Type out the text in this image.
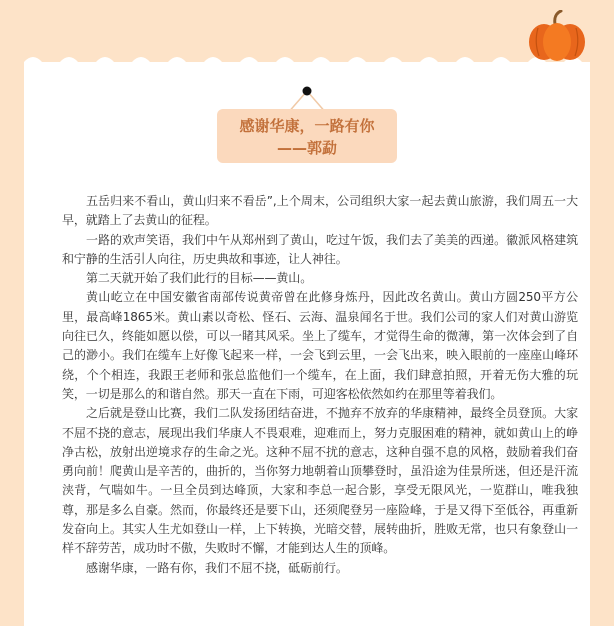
感谢华康，一路有你
——郭勐

五岳归来不看山，黄山归来不看岳”,上个周末，公司组织大家一起去黄山旅游，我们周五一大早，就踏上了去黄山的征程。

一路的欢声笑语，我们中午从郑州到了黄山，吃过午饭，我们去了美美的西递。徽派风格建筑和宁静的生活引人向往，历史典故和事迹，让人神往。

第二天就开始了我们此行的目标——黄山。

黄山屹立在中国安徽省南部传说黄帝曾在此修身炼丹，因此改名黄山。黄山方圆250平方公里，最高峰1865米。黄山素以奇松、怪石、云海、温泉闻名于世。我们公司的家人们对黄山游览向往已久，终能如愿以偿，可以一睹其风采。坐上了缆车，才觉得生命的微薄，第一次体会到了自己的渺小。我们在缆车上好像飞起来一样，一会飞到云里，一会飞出来，映入眼前的一座座山峰环绕，个个相连，我跟王老师和张总监他们一个缆车，在上面，我们肆意拍照，开着无伤大雅的玩笑，一切是那么的和谐自然。那天一直在下雨，可迎客松依然如约在那里等着我们。

之后就是登山比赛，我们二队发扬团结奋进，不抛弃不放弃的华康精神，最终全员登顶。大家不屈不挠的意志，展现出我们华康人不畏艰难，迎难而上，努力克服困难的精神，就如黄山上的峥净古松，放射出逆境求存的生命之光。这种不屈不扰的意志，这种自强不息的风格，鼓励着我们奋勇向前！爬黄山是辛苦的，曲折的，当你努力地朝着山顶攀登时，虽沿途为佳景所迷，但还是汗流浃背，气喘如牛。一旦全员到达峰顶，大家和李总一起合影，享受无限风光，一览群山，唯我独尊，那是多么自豪。然而，你最终还是要下山，还须爬登另一座险峰，于是又得下至低谷，再重新发奋向上。其实人生尤如登山一样，上下转换，光暗交替，展转曲折，胜败无常，也只有象登山一样不辞劳苦，成功时不傲，失败时不懈，才能到达人生的顶峰。

感谢华康，一路有你，我们不屈不挠，砥砺前行。
